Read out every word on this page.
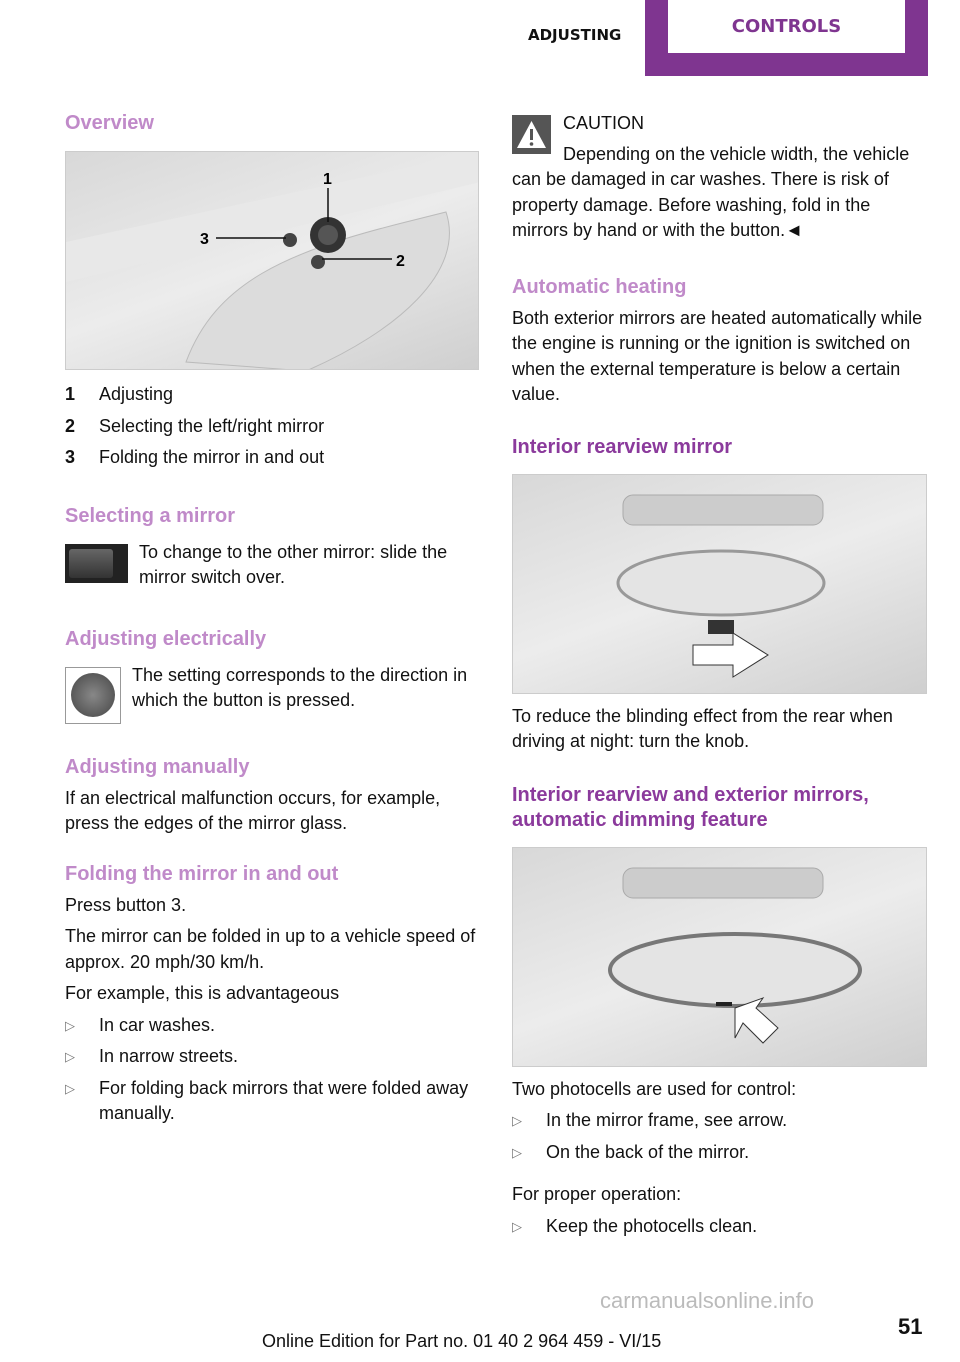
ADJUSTING	CONTROLS
Overview
1
3
2
1 Adjusting
2 Selecting the left/right mirror
3 Folding the mirror in and out
Selecting a mirror
To change to the other mirror: slide the mirror switch over.
Adjusting electrically
The setting corresponds to the direction in which the button is pressed.
Adjusting manually
If an electrical malfunction occurs, for example, press the edges of the mirror glass.
Folding the mirror in and out
Press button 3.
The mirror can be folded in up to a vehicle speed of approx. 20 mph/30 km/h.
For example, this is advantageous
▷ In car washes.
▷ In narrow streets.
▷ For folding back mirrors that were folded away manually.
CAUTION
Depending on the vehicle width, the vehicle can be damaged in car washes. There is risk of property damage. Before washing, fold in the mirrors by hand or with the button.◄
Automatic heating
Both exterior mirrors are heated automatically while the engine is running or the ignition is switched on when the external temperature is below a certain value.
Interior rearview mirror
To reduce the blinding effect from the rear when driving at night: turn the knob.
Interior rearview and exterior mirrors, automatic dimming feature
Two photocells are used for control:
▷ In the mirror frame, see arrow.
▷ On the back of the mirror.
For proper operation:
▷ Keep the photocells clean.
Online Edition for Part no. 01 40 2 964 459 - VI/15
51
carmanualsonline.info
